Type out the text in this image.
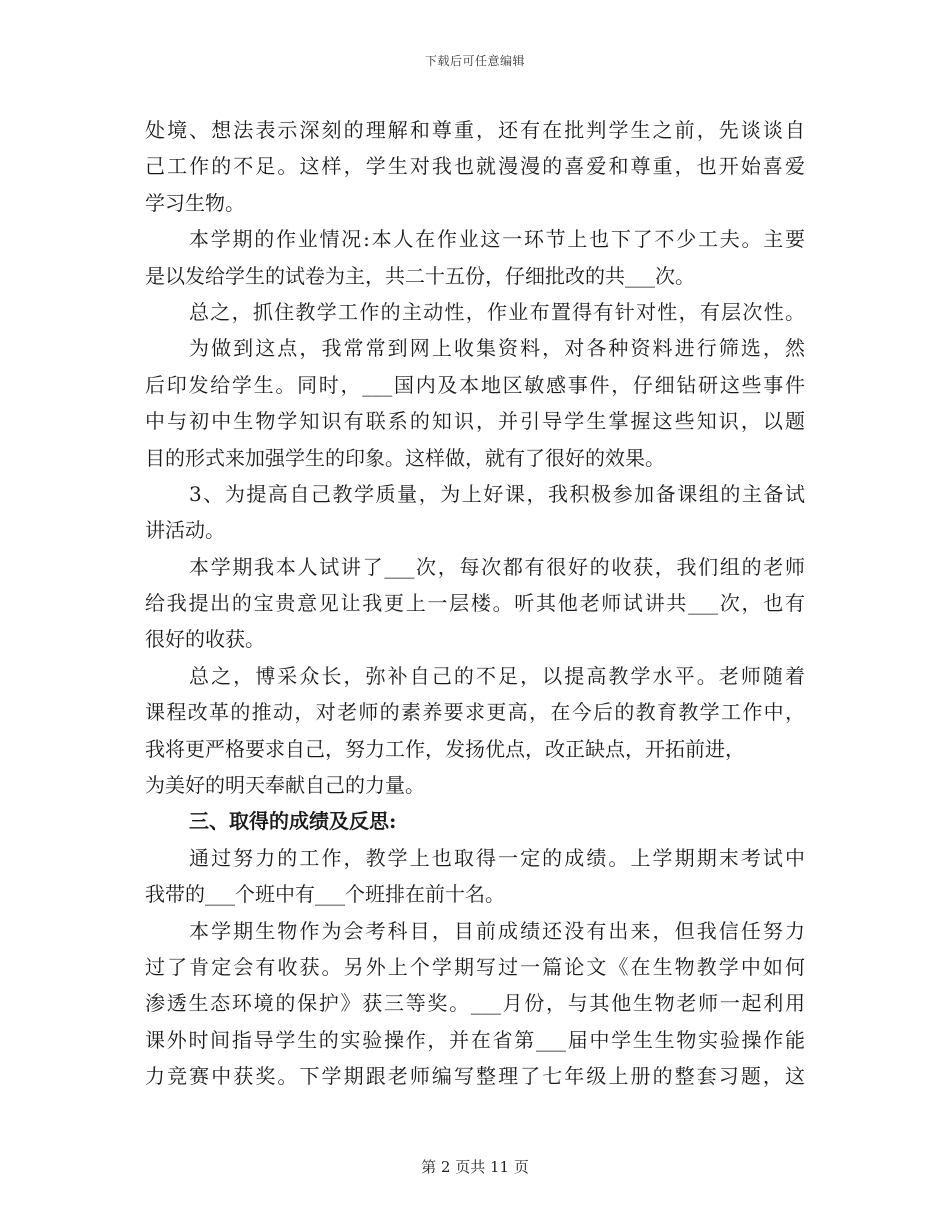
下载后可任意编辑
处境、想法表示深刻的理解和尊重，还有在批判学生之前，先谈谈自
己工作的不足。这样，学生对我也就漫漫的喜爱和尊重，也开始喜爱
学习生物。
本学期的作业情况:本人在作业这一环节上也下了不少工夫。主要
是以发给学生的试卷为主，共二十五份，仔细批改的共___次。
总之，抓住教学工作的主动性，作业布置得有针对性，有层次性。
为做到这点，我常常到网上收集资料，对各种资料进行筛选，然
后印发给学生。同时，___国内及本地区敏感事件，仔细钻研这些事件
中与初中生物学知识有联系的知识，并引导学生掌握这些知识，以题
目的形式来加强学生的印象。这样做，就有了很好的效果。
3、为提高自己教学质量，为上好课，我积极参加备课组的主备试
讲活动。
本学期我本人试讲了___次，每次都有很好的收获，我们组的老师
给我提出的宝贵意见让我更上一层楼。听其他老师试讲共___次，也有
很好的收获。
总之，博采众长，弥补自己的不足，以提高教学水平。老师随着
课程改革的推动，对老师的素养要求更高，在今后的教育教学工作中，
我将更严格要求自己，努力工作，发扬优点，改正缺点，开拓前进，
为美好的明天奉献自己的力量。
三、取得的成绩及反思:
通过努力的工作，教学上也取得一定的成绩。上学期期末考试中
我带的___个班中有___个班排在前十名。
本学期生物作为会考科目，目前成绩还没有出来，但我信任努力
过了肯定会有收获。另外上个学期写过一篇论文《在生物教学中如何
渗透生态环境的保护》获三等奖。___月份，与其他生物老师一起利用
课外时间指导学生的实验操作，并在省第___届中学生生物实验操作能
力竞赛中获奖。下学期跟老师编写整理了七年级上册的整套习题，这
第 2 页共 11 页
